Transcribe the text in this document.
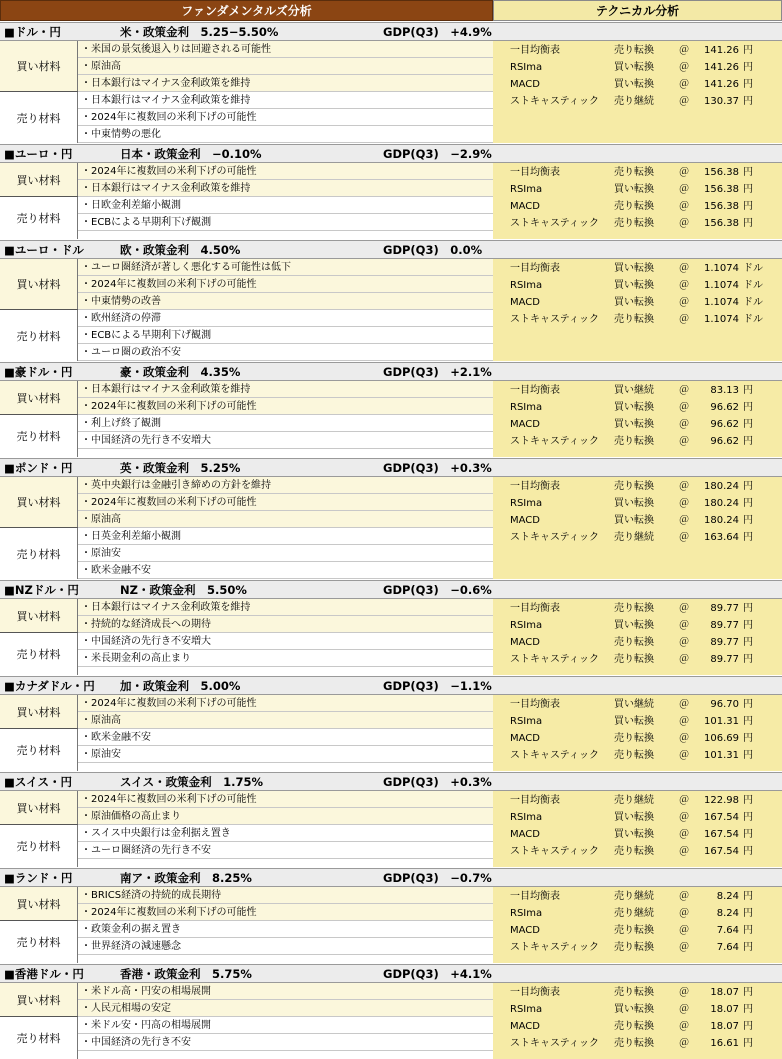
ファンダメンタルズ分析	テクニカル分析
■ドル・円	米・政策金利　5.25−5.50%	GDP(Q3)　+4.9%
買い材料
・米国の景気後退入りは回避される可能性
・原油高
・日本銀行はマイナス金利政策を維持
売り材料
・日本銀行はマイナス金利政策を維持
・2024年に複数回の米利下げの可能性
・中東情勢の悪化
一目均衡表	売り転換	＠	141.26 円
RSIma	買い転換	＠	141.26 円
MACD	買い転換	＠	141.26 円
ストキャスティック 売り継続	＠	130.37 円
■ユーロ・円	日本・政策金利　−0.10%	GDP(Q3)　−2.9%
買い材料
・2024年に複数回の米利下げの可能性
・日本銀行はマイナス金利政策を維持
売り材料
・日欧金利差縮小観測
・ECBによる早期利下げ観測
一目均衡表	売り転換	＠	156.38 円
RSIma	買い転換	＠	156.38 円
MACD	売り転換	＠	156.38 円
ストキャスティック 売り転換	＠	156.38 円
■ユーロ・ドル	欧・政策金利　4.50%	GDP(Q3)　0.0%
買い材料
・ユーロ圏経済が著しく悪化する可能性は低下
・2024年に複数回の米利下げの可能性
・中東情勢の改善
売り材料
・欧州経済の停滞
・ECBによる早期利下げ観測
・ユーロ圏の政治不安
一目均衡表	買い転換	＠	1.1074 ドル
RSIma	買い転換	＠	1.1074 ドル
MACD	買い転換	＠	1.1074 ドル
ストキャスティック 売り転換	＠	1.1074 ドル
■豪ドル・円	豪・政策金利　4.35%	GDP(Q3)　+2.1%
買い材料
・日本銀行はマイナス金利政策を維持
・2024年に複数回の米利下げの可能性
売り材料
・利上げ終了観測
・中国経済の先行き不安増大
一目均衡表	買い継続	＠	83.13 円
RSIma	買い転換	＠	96.62 円
MACD	買い転換	＠	96.62 円
ストキャスティック 売り転換	＠	96.62 円
■ポンド・円	英・政策金利　5.25%	GDP(Q3)　+0.3%
買い材料
・英中央銀行は金融引き締めの方針を維持
・2024年に複数回の米利下げの可能性
・原油高
売り材料
・日英金利差縮小観測
・原油安
・欧米金融不安
一目均衡表	売り転換	＠	180.24 円
RSIma	買い転換	＠	180.24 円
MACD	買い転換	＠	180.24 円
ストキャスティック 売り継続	＠	163.64 円
■NZドル・円	NZ・政策金利　5.50%	GDP(Q3)　−0.6%
買い材料
・日本銀行はマイナス金利政策を維持
・持続的な経済成長への期待
売り材料
・中国経済の先行き不安増大
・米長期金利の高止まり
一目均衡表	売り転換	＠	89.77 円
RSIma	買い転換	＠	89.77 円
MACD	売り転換	＠	89.77 円
ストキャスティック 売り転換	＠	89.77 円
■カナダドル・円 加・政策金利　5.00%	GDP(Q3)　−1.1%
買い材料
・2024年に複数回の米利下げの可能性
・原油高
売り材料
・欧米金融不安
・原油安
一目均衡表	買い継続	＠	96.70 円
RSIma	買い転換	＠	101.31 円
MACD	売り転換	＠	106.69 円
ストキャスティック 売り転換	＠	101.31 円
■スイス・円	スイス・政策金利　1.75%	GDP(Q3)　+0.3%
買い材料
・2024年に複数回の米利下げの可能性
・原油価格の高止まり
売り材料
・スイス中央銀行は金利据え置き
・ユーロ圏経済の先行き不安
一目均衡表	売り継続	＠	122.98 円
RSIma	買い転換	＠	167.54 円
MACD	買い転換	＠	167.54 円
ストキャスティック 売り転換	＠	167.54 円
■ランド・円	南ア・政策金利　8.25%	GDP(Q3)　−0.7%
買い材料
・BRICS経済の持続的成長期待
・2024年に複数回の米利下げの可能性
売り材料
・政策金利の据え置き
・世界経済の減速懸念
一目均衡表	売り継続	＠	8.24 円
RSIma	売り継続	＠	8.24 円
MACD	売り転換	＠	7.64 円
ストキャスティック 売り転換	＠	7.64 円
■香港ドル・円	香港・政策金利　5.75%	GDP(Q3)　+4.1%
買い材料
・米ドル高・円安の相場展開
・人民元相場の安定
売り材料
・米ドル安・円高の相場展開
・中国経済の先行き不安
一目均衡表	売り転換	＠	18.07 円
RSIma	買い転換	＠	18.07 円
MACD	売り転換	＠	18.07 円
ストキャスティック 売り転換	＠	16.61 円
